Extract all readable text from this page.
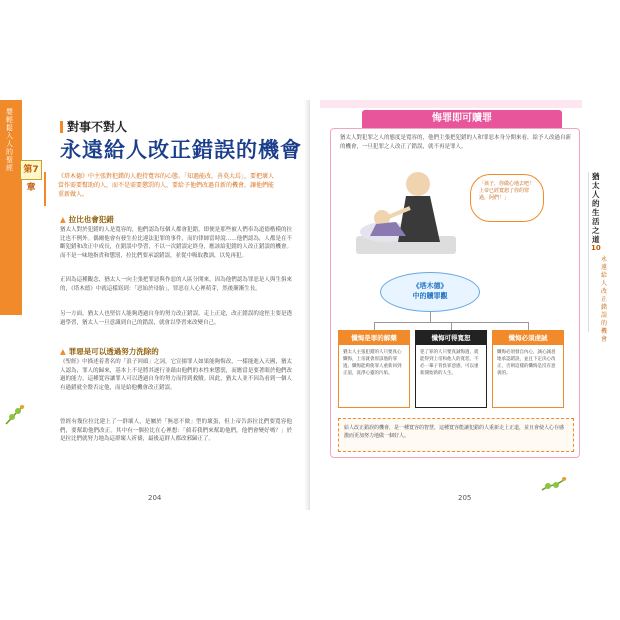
嬰輕鬆入人的聖經	第7章
對事不對人
永遠給人改正錯誤的機會
《塔木德》中主張對犯錯的人抱持寬容的心態。「知過能改，善莫大焉」，要把壞人當作需要幫助的人，而不是需要懲罰的人，要給予他們改過自新的機會，讓他們能重新做人。
▲ 拉比也會犯錯
猶太人對於犯錯的人是寬容的，他們認為每個人都會犯錯，即便是那些被人們奉為道德楷模的拉比也不例外。偶爾他會有發生拉比違法犯罪的事件，而約律師當時說……他們認為，人都是在不斷犯錯和改正中成長，在錯誤中學習，不以一次錯誤定終身，應該給犯錯的人改正錯誤的機會。而不是一味地指責和懲罰，拉比們要承認錯誤，並從中吸取教訓，以免再犯。
正因為這種觀念，猶太人一向主張把罪惡與作惡的人區分開來，因為他們認為罪惡是人與生俱來的，《塔木德》中就這樣寫到：「惡始於母胎」，罪惡在人心裡萌芽，然後漸漸生長。
另一方面，猶太人也堅信人能夠透過自身的努力改正錯誤，走上正途，改正錯誤的途徑主要是透過學習，猶太人一旦意識到自己的錯誤，就會以學習來改變自己。
▲ 罪惡是可以透過努力洗除的
《聖經》中描述着著名的「浪子回頭」之詞，它宣揚罪人如果能夠悔改，一樣能進入天國，猶太人認為，罪人的歸來，基本上不是將其逐行並藉由他們的本性來懲罰，而應當是要著眼於他們改過的能力，這種寬容讓罪人可以透過自身的努力而得到救贖。因此，猶太人並不因為看到一個人有過錯就全盤否定他，而是給他機會改正錯誤。
曾經有幾位拉比建上了一群壞人，是屬於「無惡不做」型的壞蛋，但上帝告訴拉比們要寬容他們，要幫助他們改正。其中有一個拉比在心裡想：「倘若我們來幫助他們，他們會變好嗎？」於是拉比們就努力地為這群壞人祈禱，最後這群人都改邪歸正了。
204
悔罪即可贖罪
猶太人對犯罪之人的態度是寬容的，他們主張把犯錯的人和罪惡本身分開來看，給予人改過自新的機會，一旦犯罪之人改正了錯誤，就不再是罪人。
「孩子，你做心地去吧！上帝已經寬恕了你的罪過，阿們！」
《塔木德》
中的贖罪觀
懺悔是罪的解藥
猶太人主張犯錯的人只要真心懺悔，上帝就會原諒他的罪過。懺悔能夠使罪人重新回到正道，洗淨心靈的污垢。
懺悔可得寬恕
犯了罪的人只要真誠悔過，就能得到上帝和他人的寬恕，不必一輩子背負罪惡感，可以重新開始新的人生。
懺悔必須虔誠
懺悔必須發自內心，誠心誠意地承認錯誤，並且下定決心改正，否則這樣的懺悔是沒有意義的。
給人改正錯誤的機會，是一種寬容的智慧，這種寬容能讓犯錯的人重新走上正道，並且會使人心存感激而更加努力地做一個好人。
猶太人的生活之道
10
永遠給人改正錯誤的機會
205
